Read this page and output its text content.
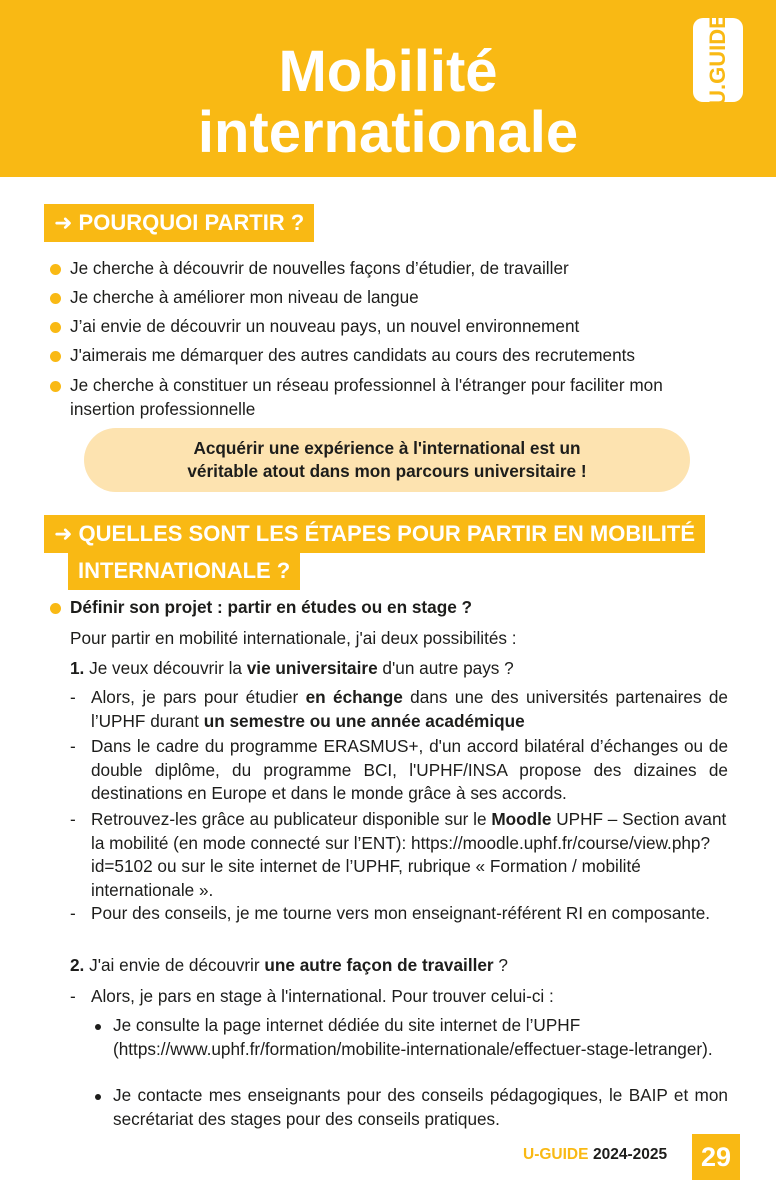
Mobilité
internationale
U.GUIDE
➜ POURQUOI PARTIR ?
Je cherche à découvrir de nouvelles façons d’étudier, de travailler
Je cherche à améliorer mon niveau de langue
J’ai envie de découvrir un nouveau pays, un nouvel environnement
J'aimerais me démarquer des autres candidats au cours des recrutements
Je cherche à constituer un réseau professionnel à l'étranger pour faciliter mon insertion professionnelle
Acquérir une expérience à l'international est un véritable atout dans mon parcours universitaire !
➜ QUELLES SONT LES ÉTAPES POUR PARTIR EN MOBILITÉ
INTERNATIONALE ?
Définir son projet : partir en études ou en stage ?
Pour partir en mobilité internationale, j'ai deux possibilités :
1. Je veux découvrir la vie universitaire d'un autre pays ?
- Alors, je pars pour étudier en échange dans une des universités partenaires de l’UPHF durant un semestre ou une année académique
- Dans le cadre du programme ERASMUS+, d'un accord bilatéral d’échanges ou de double diplôme, du programme BCI, l'UPHF/INSA propose des dizaines de destinations en Europe et dans le monde grâce à ses accords.
- Retrouvez-les grâce au publicateur disponible sur le Moodle UPHF – Section avant la mobilité (en mode connecté sur l’ENT): https://moodle.uphf.fr/course/view.php?id=5102 ou sur le site internet de l’UPHF, rubrique « Formation / mobilité internationale ».
- Pour des conseils, je me tourne vers mon enseignant-référent RI en composante.
2. J'ai envie de découvrir une autre façon de travailler ?
- Alors, je pars en stage à l'international. Pour trouver celui-ci :
Je consulte la page internet dédiée du site internet de l’UPHF (https://www.uphf.fr/formation/mobilite-internationale/effectuer-stage-letranger).
Je contacte mes enseignants pour des conseils pédagogiques, le BAIP et mon secrétariat des stages pour des conseils pratiques.
U-GUIDE 2024-2025	29
